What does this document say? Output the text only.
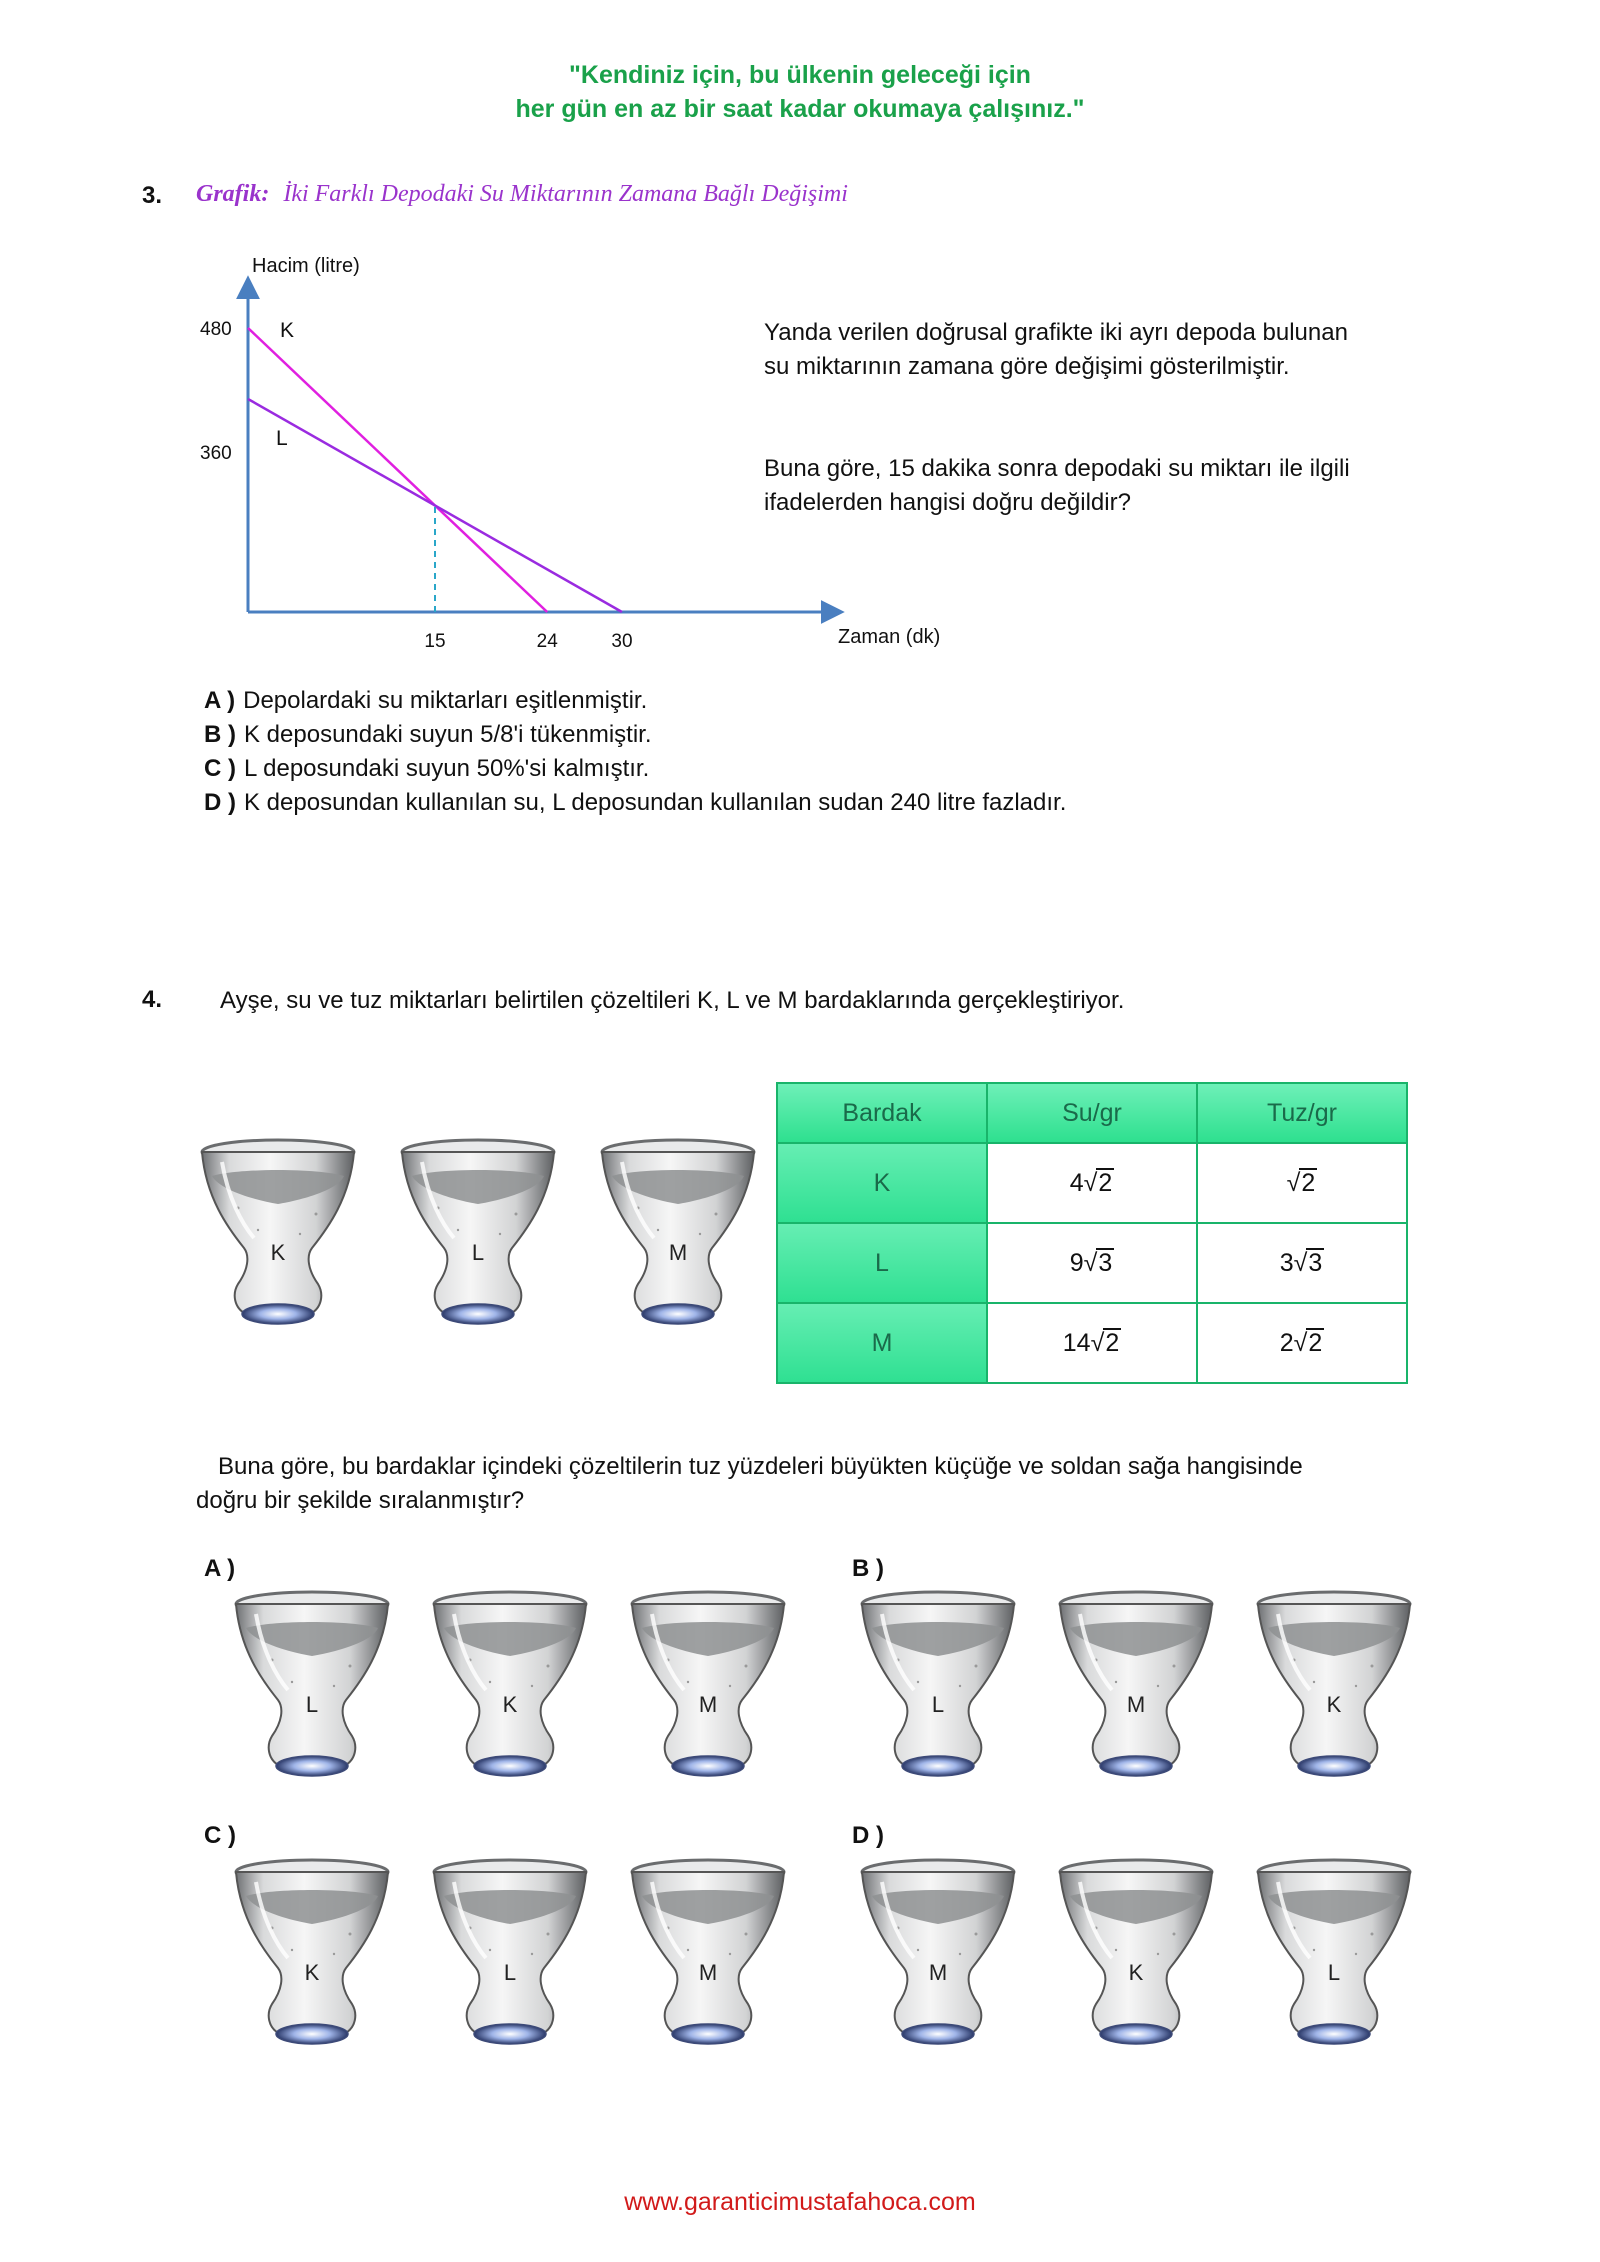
"Kendiniz için, bu ülkenin geleceği için
her gün en az bir saat kadar okumaya çalışınız."
3. Grafik: İki Farklı Depodaki Su Miktarının Zamana Bağlı Değişimi
Hacim (litre)
Zaman (dk)
480
360
15	24	30
K
L
Yanda verilen doğrusal grafikte iki ayrı depoda bulunan su miktarının zamana göre değişimi gösterilmiştir.
Buna göre, 15 dakika sonra depodaki su miktarı ile ilgili ifadelerden hangisi doğru değildir?
A ) Depolardaki su miktarları eşitlenmiştir.
B ) K deposundaki suyun 5/8'i tükenmiştir.
C ) L deposundaki suyun 50%'si kalmıştır.
D ) K deposundan kullanılan su, L deposundan kullanılan sudan 240 litre fazladır.
4. Ayşe, su ve tuz miktarları belirtilen çözeltileri K, L ve M bardaklarında gerçekleştiriyor.
K	L	M
Bardak	Su/gr	Tuz/gr
K	4√2	√2
L	9√3	3√3
M	14√2	2√2
Buna göre, bu bardaklar içindeki çözeltilerin tuz yüzdeleri büyükten küçüğe ve soldan sağa hangisinde doğru bir şekilde sıralanmıştır?
A )
L	K	M
B )
L	M	K
C )
K	L	M
D )
M	K	L
www.garanticimustafahoca.com
